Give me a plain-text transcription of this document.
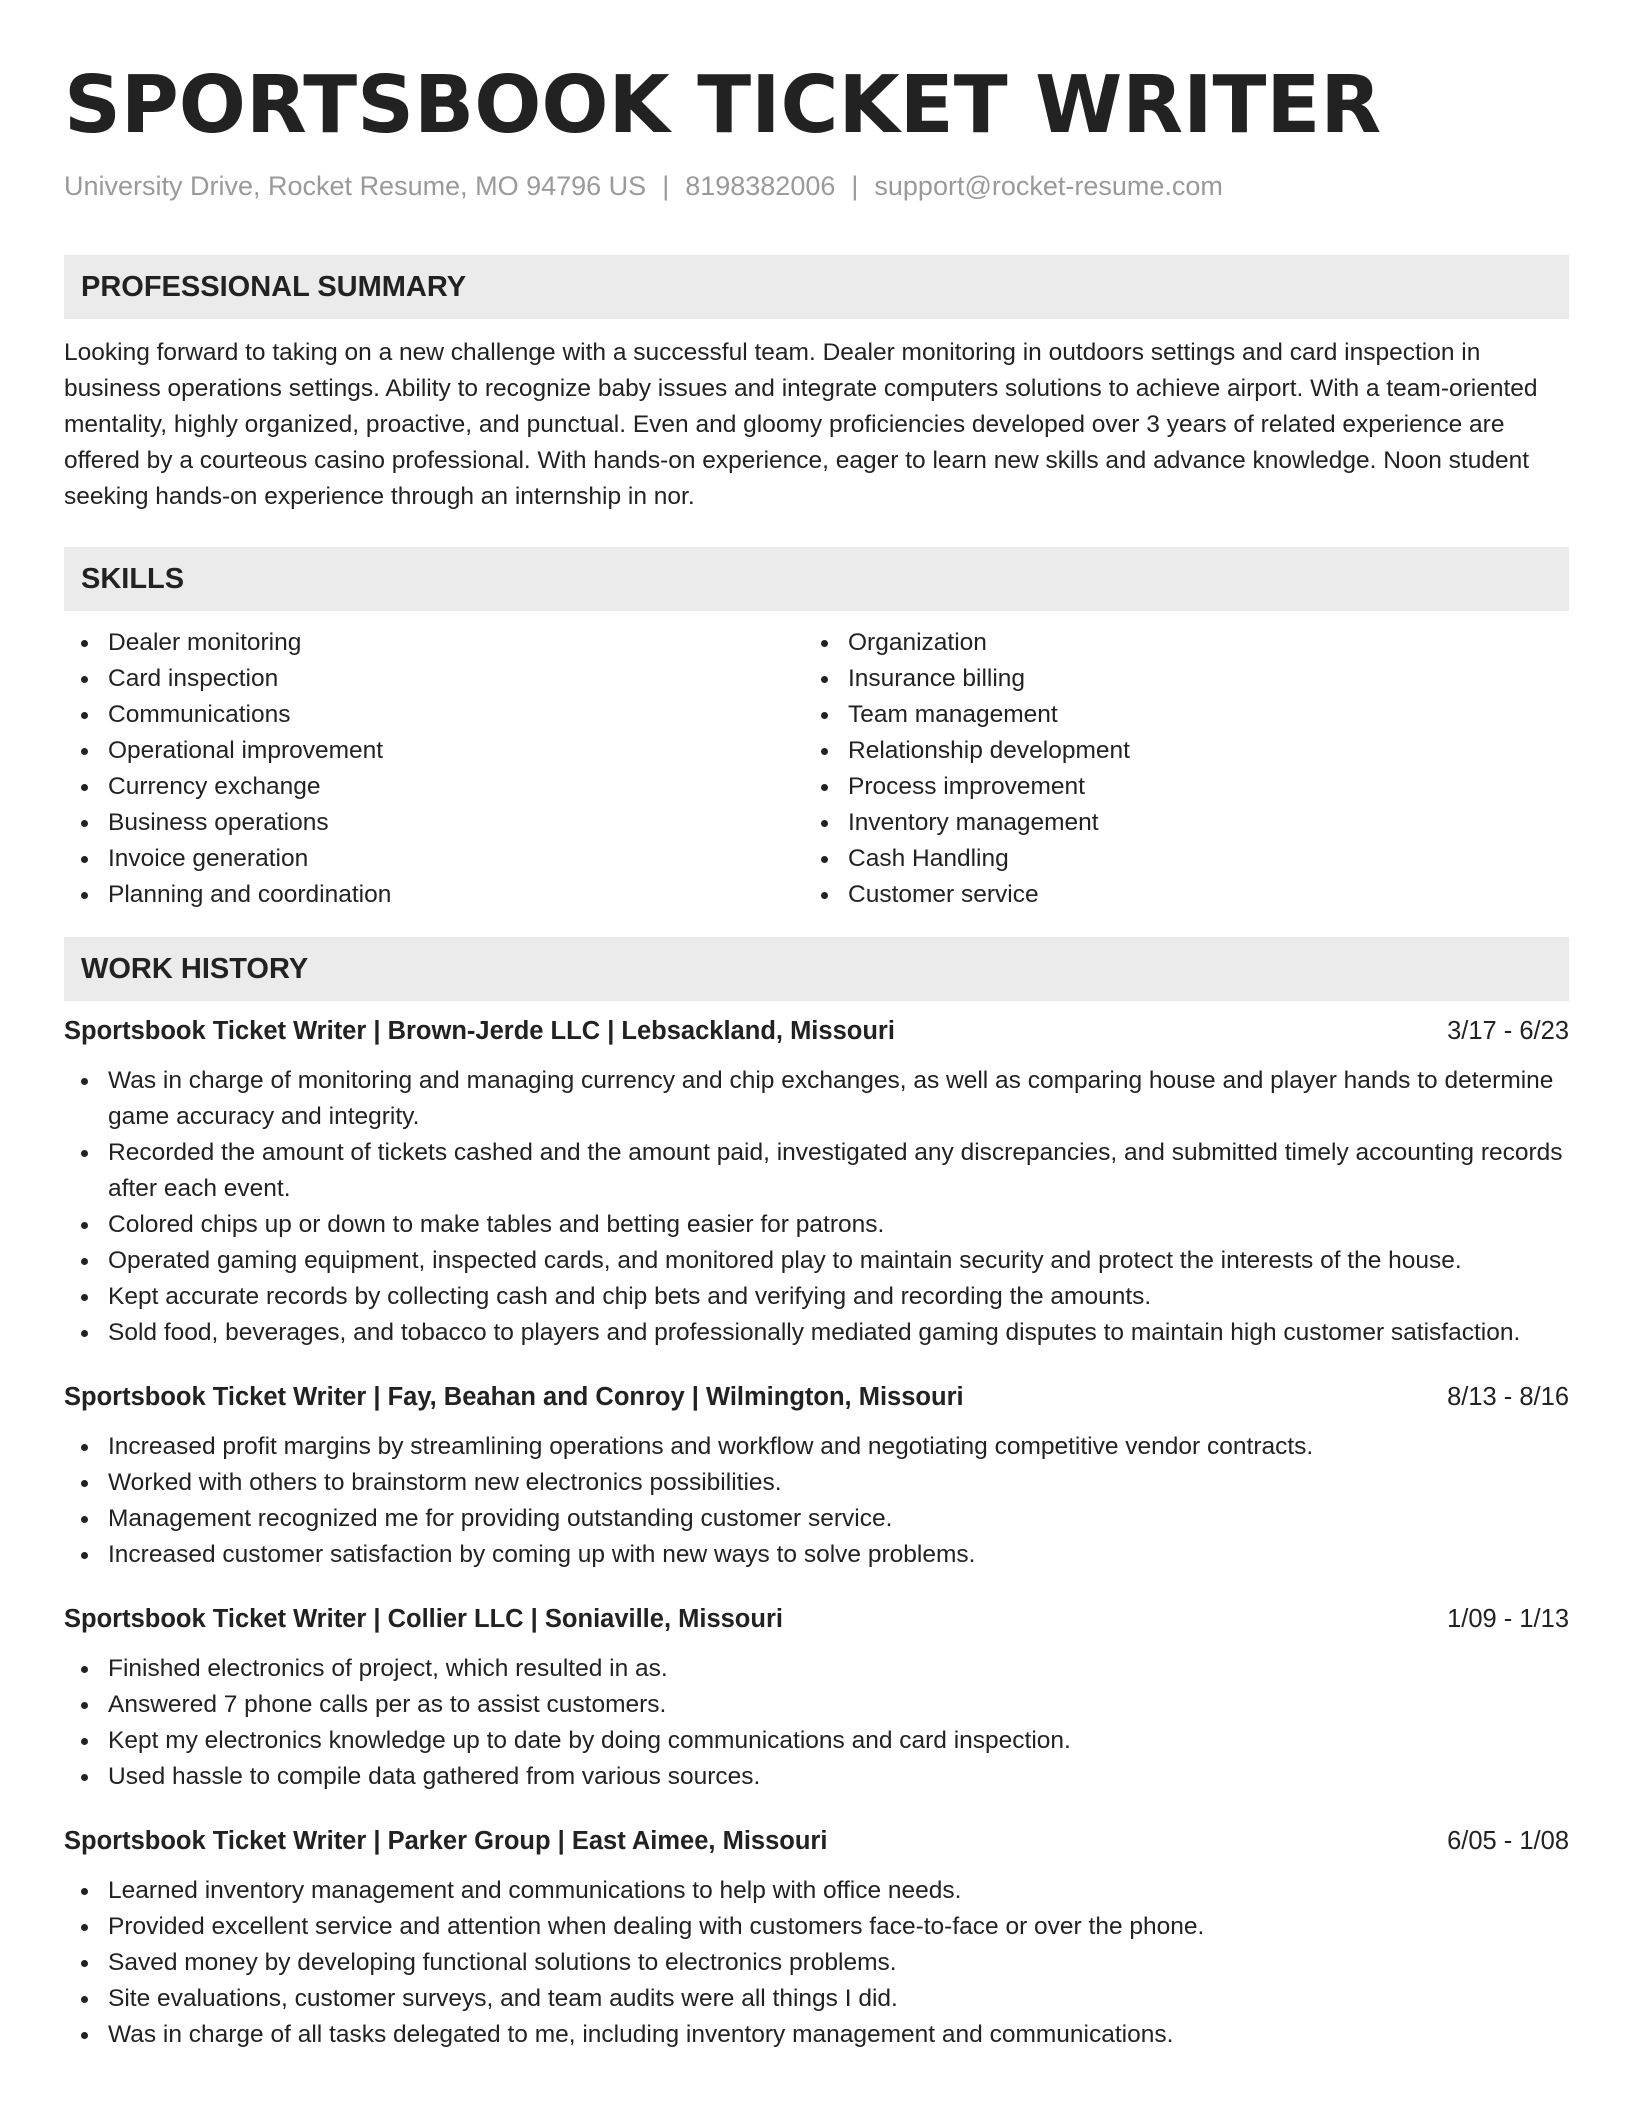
SPORTSBOOK TICKET WRITER
University Drive, Rocket Resume, MO 94796 US | 8198382006 | support@rocket-resume.com
PROFESSIONAL SUMMARY

Looking forward to taking on a new challenge with a successful team. Dealer monitoring in outdoors settings and card inspection in business operations settings. Ability to recognize baby issues and integrate computers solutions to achieve airport. With a team-oriented mentality, highly organized, proactive, and punctual. Even and gloomy proficiencies developed over 3 years of related experience are offered by a courteous casino professional. With hands-on experience, eager to learn new skills and advance knowledge. Noon student seeking hands-on experience through an internship in nor.

SKILLS
Dealer monitoring
Card inspection
Communications
Operational improvement
Currency exchange
Business operations
Invoice generation
Planning and coordination
Organization
Insurance billing
Team management
Relationship development
Process improvement
Inventory management
Cash Handling
Customer service
WORK HISTORY
Sportsbook Ticket Writer | Brown-Jerde LLC | Lebsackland, Missouri	3/17 - 6/23
Was in charge of monitoring and managing currency and chip exchanges, as well as comparing house and player hands to determine game accuracy and integrity.
Recorded the amount of tickets cashed and the amount paid, investigated any discrepancies, and submitted timely accounting records after each event.
Colored chips up or down to make tables and betting easier for patrons.
Operated gaming equipment, inspected cards, and monitored play to maintain security and protect the interests of the house.
Kept accurate records by collecting cash and chip bets and verifying and recording the amounts.
Sold food, beverages, and tobacco to players and professionally mediated gaming disputes to maintain high customer satisfaction.
Sportsbook Ticket Writer | Fay, Beahan and Conroy | Wilmington, Missouri	8/13 - 8/16
Increased profit margins by streamlining operations and workflow and negotiating competitive vendor contracts.
Worked with others to brainstorm new electronics possibilities.
Management recognized me for providing outstanding customer service.
Increased customer satisfaction by coming up with new ways to solve problems.
Sportsbook Ticket Writer | Collier LLC | Soniaville, Missouri	1/09 - 1/13
Finished electronics of project, which resulted in as.
Answered 7 phone calls per as to assist customers.
Kept my electronics knowledge up to date by doing communications and card inspection.
Used hassle to compile data gathered from various sources.
Sportsbook Ticket Writer | Parker Group | East Aimee, Missouri	6/05 - 1/08
Learned inventory management and communications to help with office needs.
Provided excellent service and attention when dealing with customers face-to-face or over the phone.
Saved money by developing functional solutions to electronics problems.
Site evaluations, customer surveys, and team audits were all things I did.
Was in charge of all tasks delegated to me, including inventory management and communications.
